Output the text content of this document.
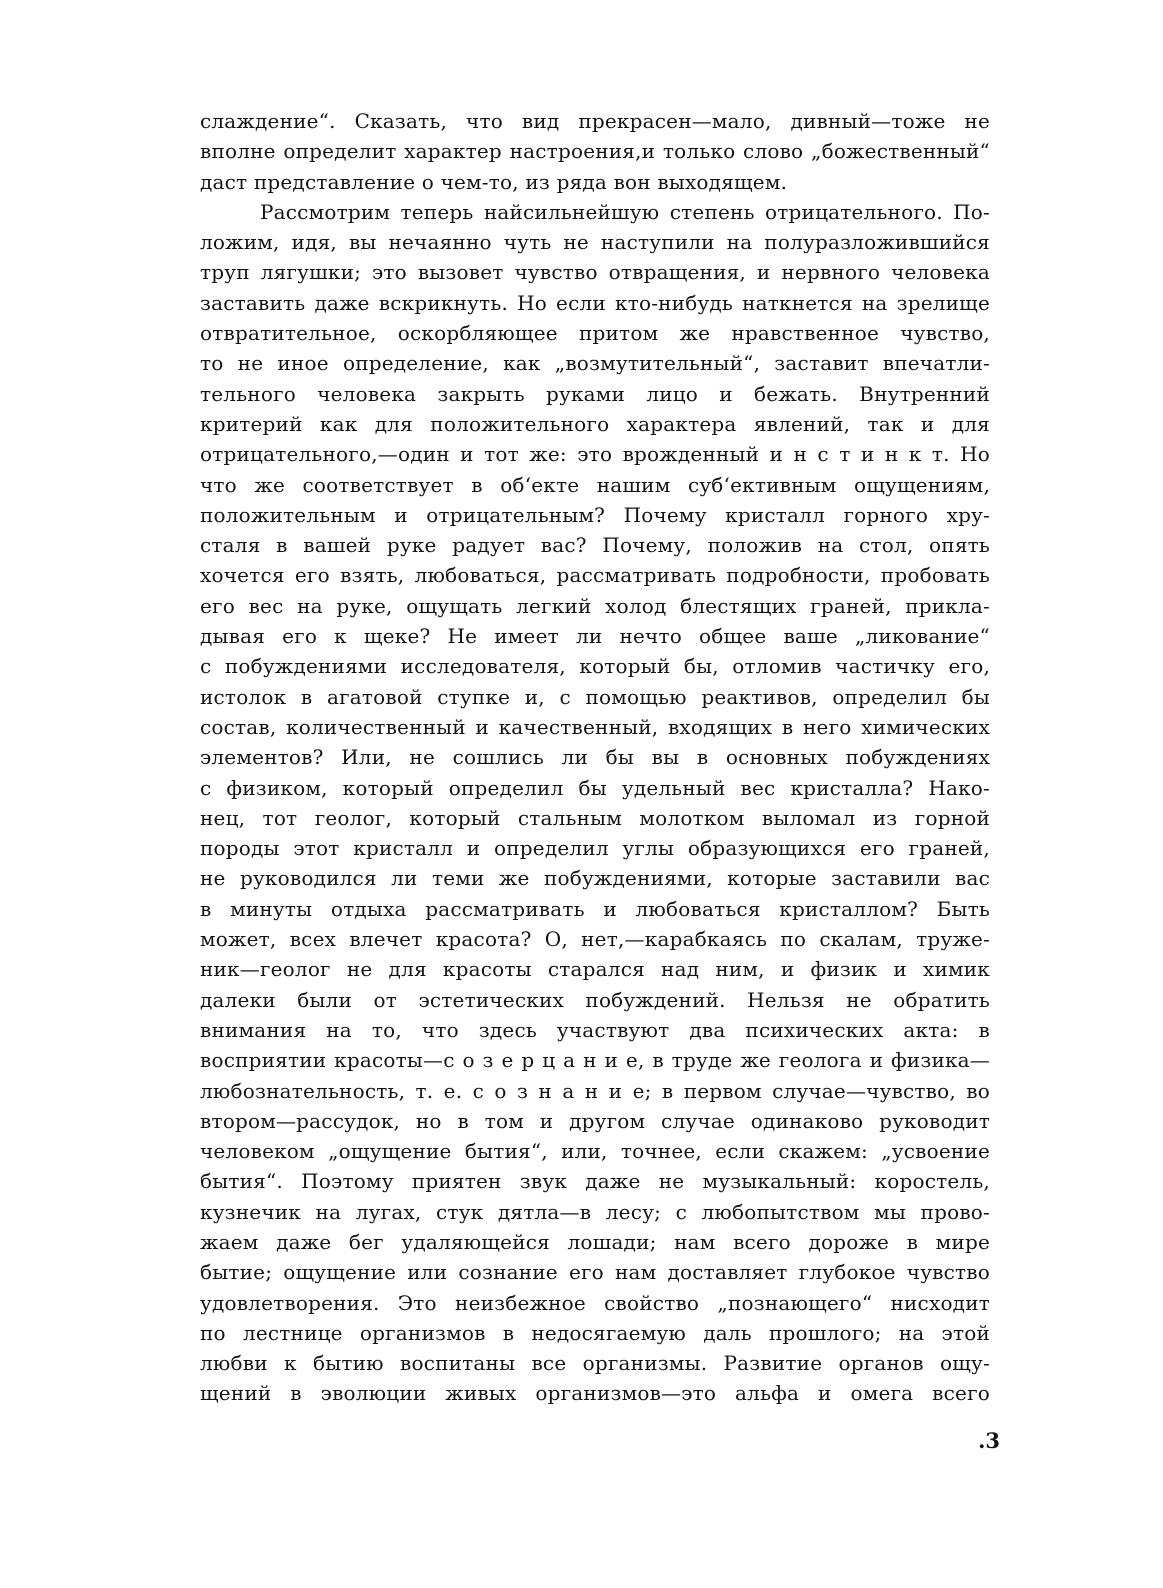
слаждение“. Сказать, что вид прекрасен—мало, дивный—тоже не
вполне определит характер настроения,и только слово „божественный“
даст представление о чем-то, из ряда вон выходящем.
Рассмотрим теперь найсильнейшую степень отрицательного. По-
ложим, идя, вы нечаянно чуть не наступили на полуразложившийся
труп лягушки; это вызовет чувство отвращения, и нервного человека
заставить даже вскрикнуть. Но если кто-нибудь наткнется на зрелище
отвратительное, оскорбляющее притом же нравственное чувство,
то не иное определение, как „возмутительный“, заставит впечатли-
тельного человека закрыть руками лицо и бежать. Внутренний
критерий как для положительного характера явлений, так и для
отрицательного,—один и тот же: это врожденный и н с т и н к т. Но
что же соответствует в об‘екте нашим суб‘ективным ощущениям,
положительным и отрицательным? Почему кристалл горного хру-
сталя в вашей руке радует вас? Почему, положив на стол, опять
хочется его взять, любоваться, рассматривать подробности, пробовать
его вес на руке, ощущать легкий холод блестящих граней, прикла-
дывая его к щеке? Не имеет ли нечто общее ваше „ликование“
с побуждениями исследователя, который бы, отломив частичку его,
истолок в агатовой ступке и, с помощью реактивов, определил бы
состав, количественный и качественный, входящих в него химических
элементов? Или, не сошлись ли бы вы в основных побуждениях
с физиком, который определил бы удельный вес кристалла? Нако-
нец, тот геолог, который стальным молотком выломал из горной
породы этот кристалл и определил углы образующихся его граней,
не руководился ли теми же побуждениями, которые заставили вас
в минуты отдыха рассматривать и любоваться кристаллом? Быть
может, всех влечет красота? О, нет,—карабкаясь по скалам, труже-
ник—геолог не для красоты старался над ним, и физик и химик
далеки были от эстетических побуждений. Нельзя не обратить
внимания на то, что здесь участвуют два психических акта: в
восприятии красоты—с о з е р ц а н и е, в труде же геолога и физика—
любознательность, т. е. с о з н а н и е; в первом случае—чувство, во
втором—рассудок, но в том и другом случае одинаково руководит
человеком „ощущение бытия“, или, точнее, если скажем: „усвоение
бытия“. Поэтому приятен звук даже не музыкальный: коростель,
кузнечик на лугах, стук дятла—в лесу; с любопытством мы прово-
жаем даже бег удаляющейся лошади; нам всего дороже в мире
бытие; ощущение или сознание его нам доставляет глубокое чувство
удовлетворения. Это неизбежное свойство „познающего“ нисходит
по лестнице организмов в недосягаемую даль прошлого; на этой
любви к бытию воспитаны все организмы. Развитие органов ощу-
щений в эволюции живых организмов—это альфа и омега всего
.3
